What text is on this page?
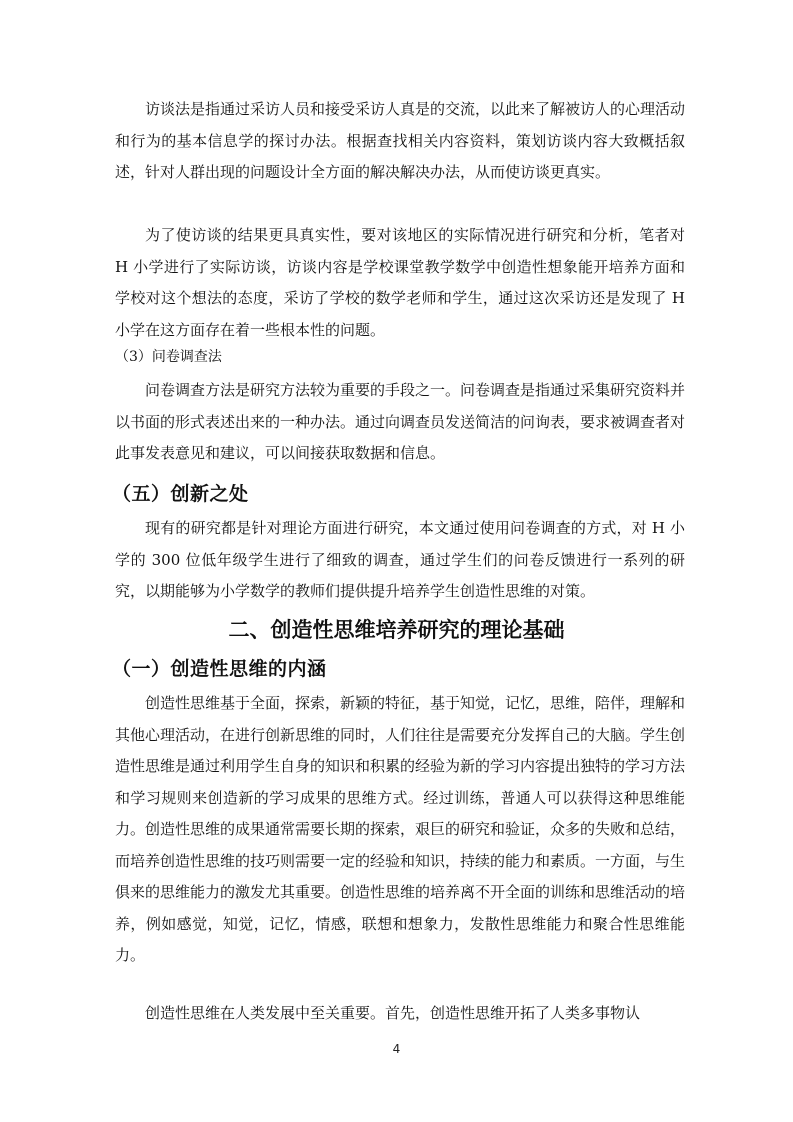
访谈法是指通过采访人员和接受采访人真是的交流，以此来了解被访人的心理活动和行为的基本信息学的探讨办法。根据查找相关内容资料，策划访谈内容大致概括叙述，针对人群出现的问题设计全方面的解决解决办法，从而使访谈更真实。

为了使访谈的结果更具真实性，要对该地区的实际情况进行研究和分析，笔者对 H 小学进行了实际访谈，访谈内容是学校课堂教学数学中创造性想象能开培养方面和学校对这个想法的态度，采访了学校的数学老师和学生，通过这次采访还是发现了 H 小学在这方面存在着一些根本性的问题。

（3）问卷调查法

问卷调查方法是研究方法较为重要的手段之一。问卷调查是指通过采集研究资料并以书面的形式表述出来的一种办法。通过向调查员发送简洁的问询表，要求被调查者对此事发表意见和建议，可以间接获取数据和信息。

（五）创新之处

现有的研究都是针对理论方面进行研究，本文通过使用问卷调查的方式，对 H 小学的 300 位低年级学生进行了细致的调查，通过学生们的问卷反馈进行一系列的研究，以期能够为小学数学的教师们提供提升培养学生创造性思维的对策。

二、创造性思维培养研究的理论基础

（一）创造性思维的内涵

创造性思维基于全面，探索，新颖的特征，基于知觉，记忆，思维，陪伴，理解和其他心理活动，在进行创新思维的同时，人们往往是需要充分发挥自己的大脑。学生创造性思维是通过利用学生自身的知识和积累的经验为新的学习内容提出独特的学习方法和学习规则来创造新的学习成果的思维方式。经过训练，普通人可以获得这种思维能力。创造性思维的成果通常需要长期的探索，艰巨的研究和验证，众多的失败和总结，而培养创造性思维的技巧则需要一定的经验和知识，持续的能力和素质。一方面，与生俱来的思维能力的激发尤其重要。创造性思维的培养离不开全面的训练和思维活动的培养，例如感觉，知觉，记忆，情感，联想和想象力，发散性思维能力和聚合性思维能力。

创造性思维在人类发展中至关重要。首先，创造性思维开拓了人类多事物认

4
